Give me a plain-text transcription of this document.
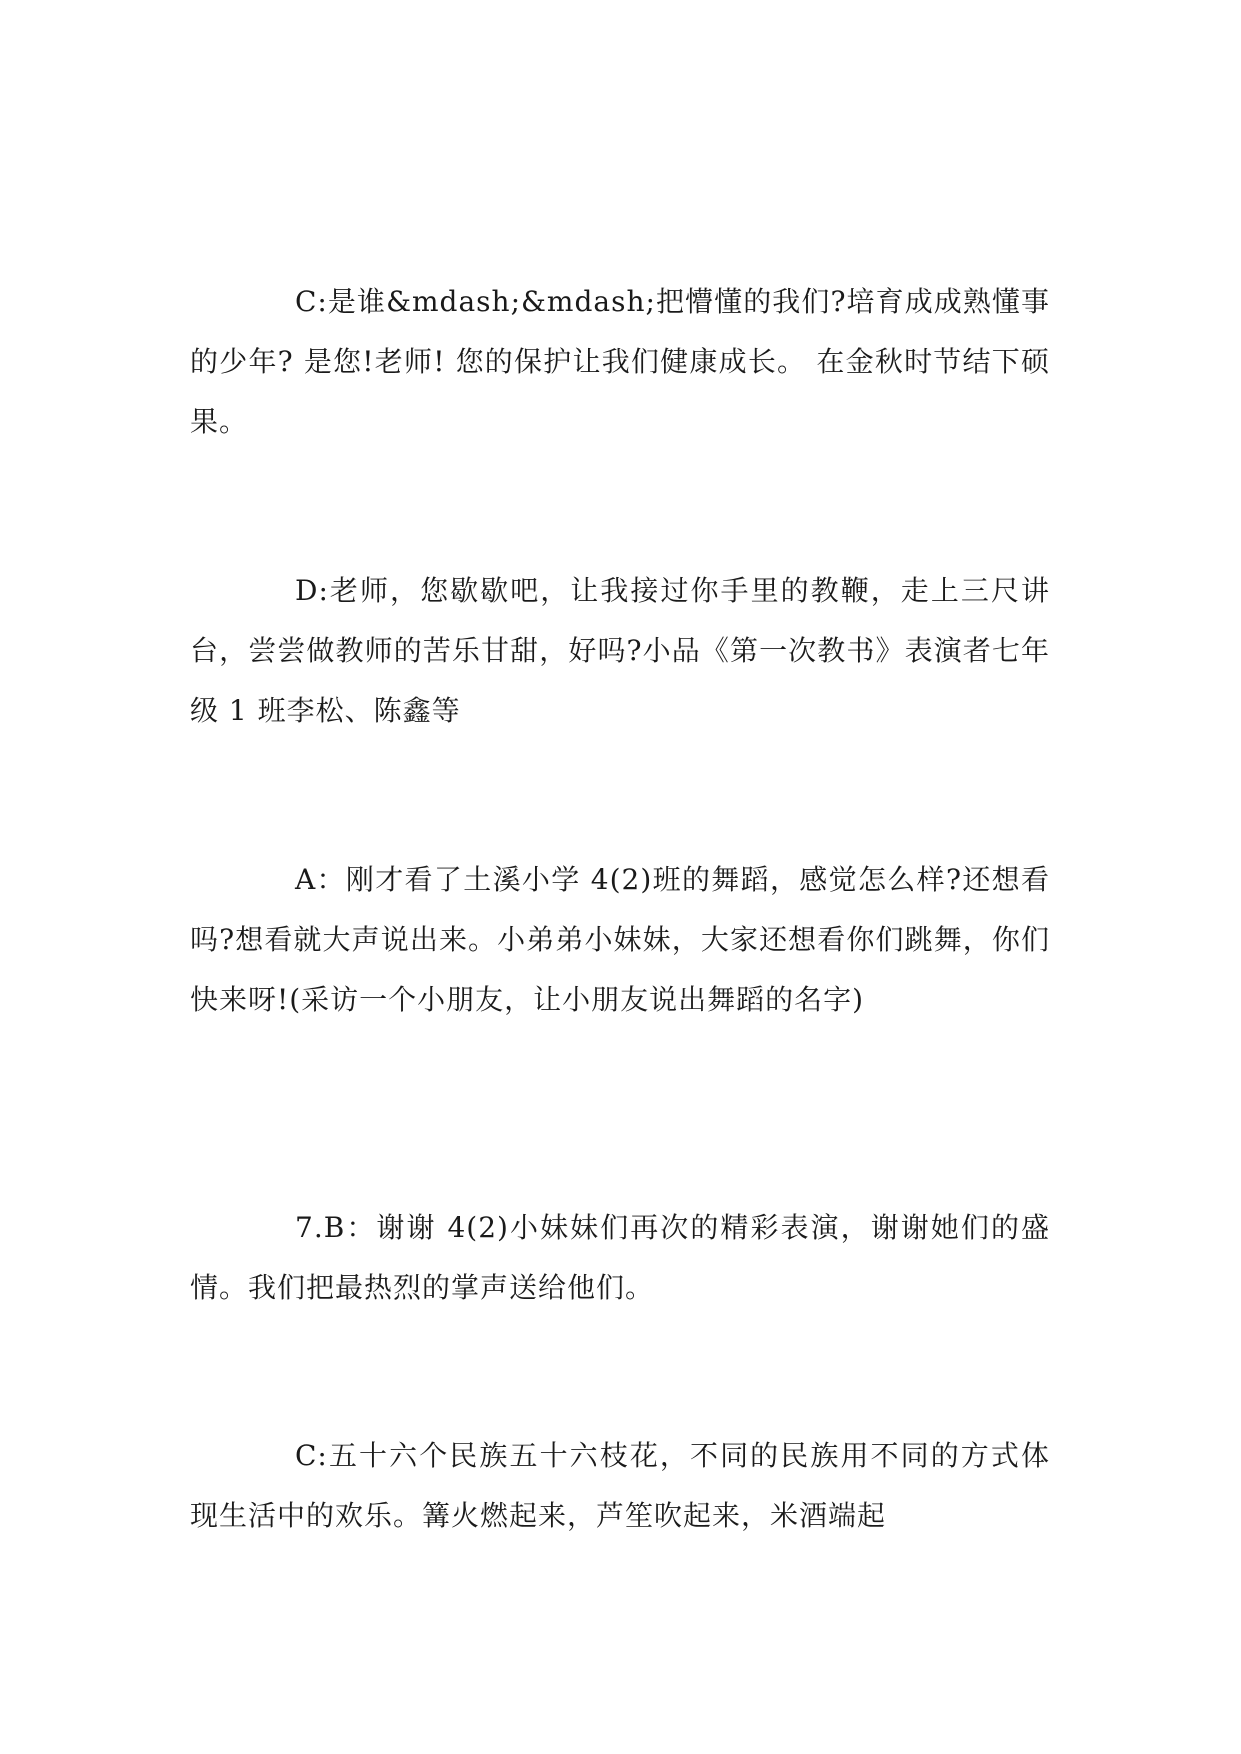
C:是谁&mdash;&mdash;把懵懂的我们?培育成成熟懂事的少年? 是您!老师! 您的保护让我们健康成长。 在金秋时节结下硕果。

D:老师，您歇歇吧，让我接过你手里的教鞭，走上三尺讲台，尝尝做教师的苦乐甘甜，好吗?小品《第一次教书》表演者七年级 1 班李松、陈鑫等

A：刚才看了土溪小学 4(2)班的舞蹈，感觉怎么样?还想看吗?想看就大声说出来。小弟弟小妹妹，大家还想看你们跳舞，你们快来呀!(采访一个小朋友，让小朋友说出舞蹈的名字)

7.B：谢谢 4(2)小妹妹们再次的精彩表演，谢谢她们的盛情。我们把最热烈的掌声送给他们。

C:五十六个民族五十六枝花，不同的民族用不同的方式体现生活中的欢乐。篝火燃起来，芦笙吹起来，米酒端起
